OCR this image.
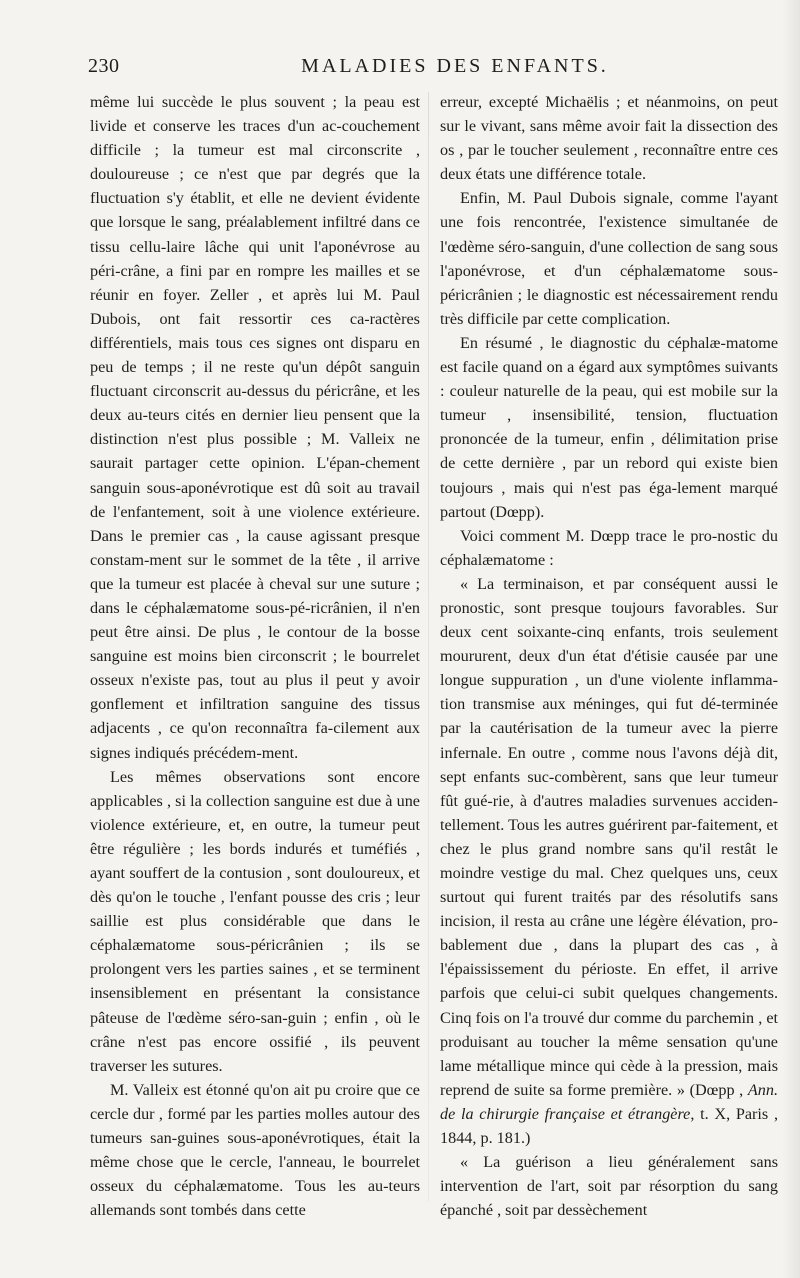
230	MALADIES DES ENFANTS.

même lui succède le plus souvent ; la peau est livide et conserve les traces d'un ac-couchement difficile ; la tumeur est mal circonscrite , douloureuse ; ce n'est que par degrés que la fluctuation s'y établit, et elle ne devient évidente que lorsque le sang, préalablement infiltré dans ce tissu cellu-laire lâche qui unit l'aponévrose au péri-crâne, a fini par en rompre les mailles et se réunir en foyer. Zeller , et après lui M. Paul Dubois, ont fait ressortir ces ca-ractères différentiels, mais tous ces signes ont disparu en peu de temps ; il ne reste qu'un dépôt sanguin fluctuant circonscrit au-dessus du péricrâne, et les deux au-teurs cités en dernier lieu pensent que la distinction n'est plus possible ; M. Valleix ne saurait partager cette opinion. L'épan-chement sanguin sous-aponévrotique est dû soit au travail de l'enfantement, soit à une violence extérieure. Dans le premier cas , la cause agissant presque constam-ment sur le sommet de la tête , il arrive que la tumeur est placée à cheval sur une suture ; dans le céphalæmatome sous-pé-ricrânien, il n'en peut être ainsi. De plus , le contour de la bosse sanguine est moins bien circonscrit ; le bourrelet osseux n'existe pas, tout au plus il peut y avoir gonflement et infiltration sanguine des tissus adjacents , ce qu'on reconnaîtra fa-cilement aux signes indiqués précédem-ment.

Les mêmes observations sont encore applicables , si la collection sanguine est due à une violence extérieure, et, en outre, la tumeur peut être régulière ; les bords indurés et tuméfiés , ayant souffert de la contusion , sont douloureux, et dès qu'on le touche , l'enfant pousse des cris ; leur saillie est plus considérable que dans le céphalæmatome sous-péricrânien ; ils se prolongent vers les parties saines , et se terminent insensiblement en présentant la consistance pâteuse de l'œdème séro-san-guin ; enfin , où le crâne n'est pas encore ossifié , ils peuvent traverser les sutures.

M. Valleix est étonné qu'on ait pu croire que ce cercle dur , formé par les parties molles autour des tumeurs san-guines sous-aponévrotiques, était la même chose que le cercle, l'anneau, le bourrelet osseux du céphalæmatome. Tous les au-teurs allemands sont tombés dans cette

erreur, excepté Michaëlis ; et néanmoins, on peut sur le vivant, sans même avoir fait la dissection des os , par le toucher seulement , reconnaître entre ces deux états une différence totale.

Enfin, M. Paul Dubois signale, comme l'ayant une fois rencontrée, l'existence simultanée de l'œdème séro-sanguin, d'une collection de sang sous l'aponévrose, et d'un céphalæmatome sous-péricrânien ; le diagnostic est nécessairement rendu très difficile par cette complication.

En résumé , le diagnostic du céphalæ-matome est facile quand on a égard aux symptômes suivants : couleur naturelle de la peau, qui est mobile sur la tumeur , insensibilité, tension, fluctuation prononcée de la tumeur, enfin , délimitation prise de cette dernière , par un rebord qui existe bien toujours , mais qui n'est pas éga-lement marqué partout (Dœpp).

Voici comment M. Dœpp trace le pro-nostic du céphalæmatome :

« La terminaison, et par conséquent aussi le pronostic, sont presque toujours favorables. Sur deux cent soixante-cinq enfants, trois seulement moururent, deux d'un état d'étisie causée par une longue suppuration , un d'une violente inflamma-tion transmise aux méninges, qui fut dé-terminée par la cautérisation de la tumeur avec la pierre infernale. En outre , comme nous l'avons déjà dit, sept enfants suc-combèrent, sans que leur tumeur fût gué-rie, à d'autres maladies survenues acciden-tellement. Tous les autres guérirent par-faitement, et chez le plus grand nombre sans qu'il restât le moindre vestige du mal. Chez quelques uns, ceux surtout qui furent traités par des résolutifs sans incision, il resta au crâne une légère élévation, pro-bablement due , dans la plupart des cas , à l'épaississement du périoste. En effet, il arrive parfois que celui-ci subit quelques changements. Cinq fois on l'a trouvé dur comme du parchemin , et produisant au toucher la même sensation qu'une lame métallique mince qui cède à la pression, mais reprend de suite sa forme première. » (Dœpp , Ann. de la chirurgie française et étrangère, t. X, Paris , 1844, p. 181.)

« La guérison a lieu généralement sans intervention de l'art, soit par résorption du sang épanché , soit par dessèchement
